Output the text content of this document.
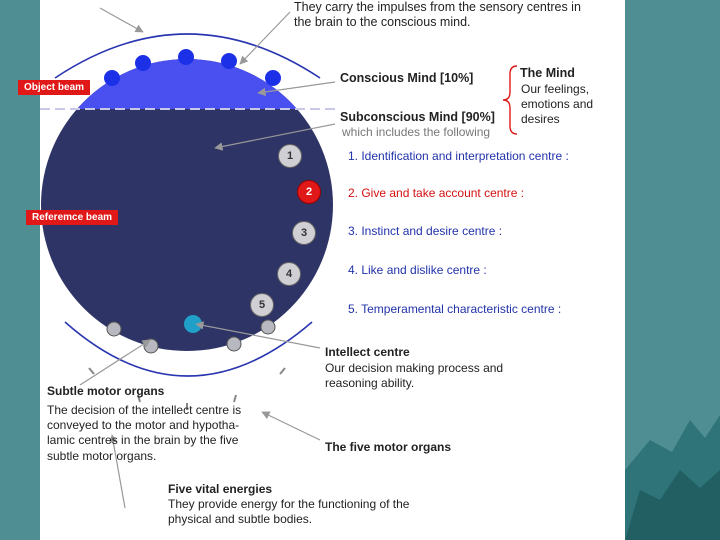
1
2
3
4
5
Object beam
Referemce beam
They carry the impulses from the sensory centres in
the brain to the conscious mind.
Conscious Mind [10%]
Subconscious Mind [90%]
which includes the following
The Mind
Our feelings,
emotions and
desires
1. Identification and interpretation centre :
2. Give and take account centre :
3. Instinct and desire centre :
4. Like and dislike centre :
5. Temperamental characteristic centre :
Intellect centre
Our decision making process and
reasoning ability.
Subtle motor organs
The decision of the intellect centre is
conveyed to the motor and hypotha-
lamic centres in the brain by the five
subtle motor organs.
The five motor organs
Five vital energies
They provide energy for the functioning of the
physical and subtle bodies.
